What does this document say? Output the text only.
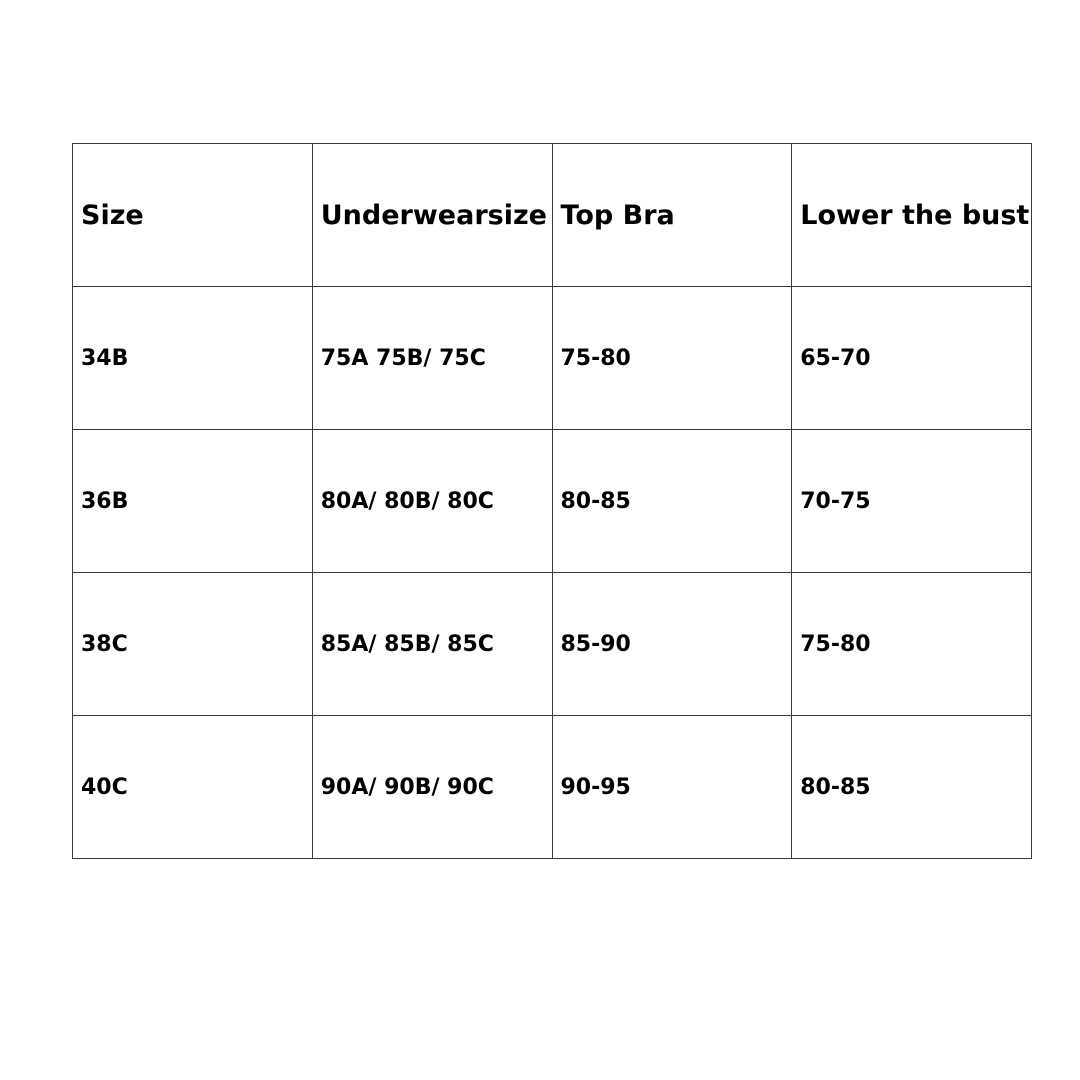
Size	Underwearsize	Top Bra	Lower the bust
34B	75A 75B/ 75C	75-80	65-70
36B	80A/ 80B/ 80C	80-85	70-75
38C	85A/ 85B/ 85C	85-90	75-80
40C	90A/ 90B/ 90C	90-95	80-85
